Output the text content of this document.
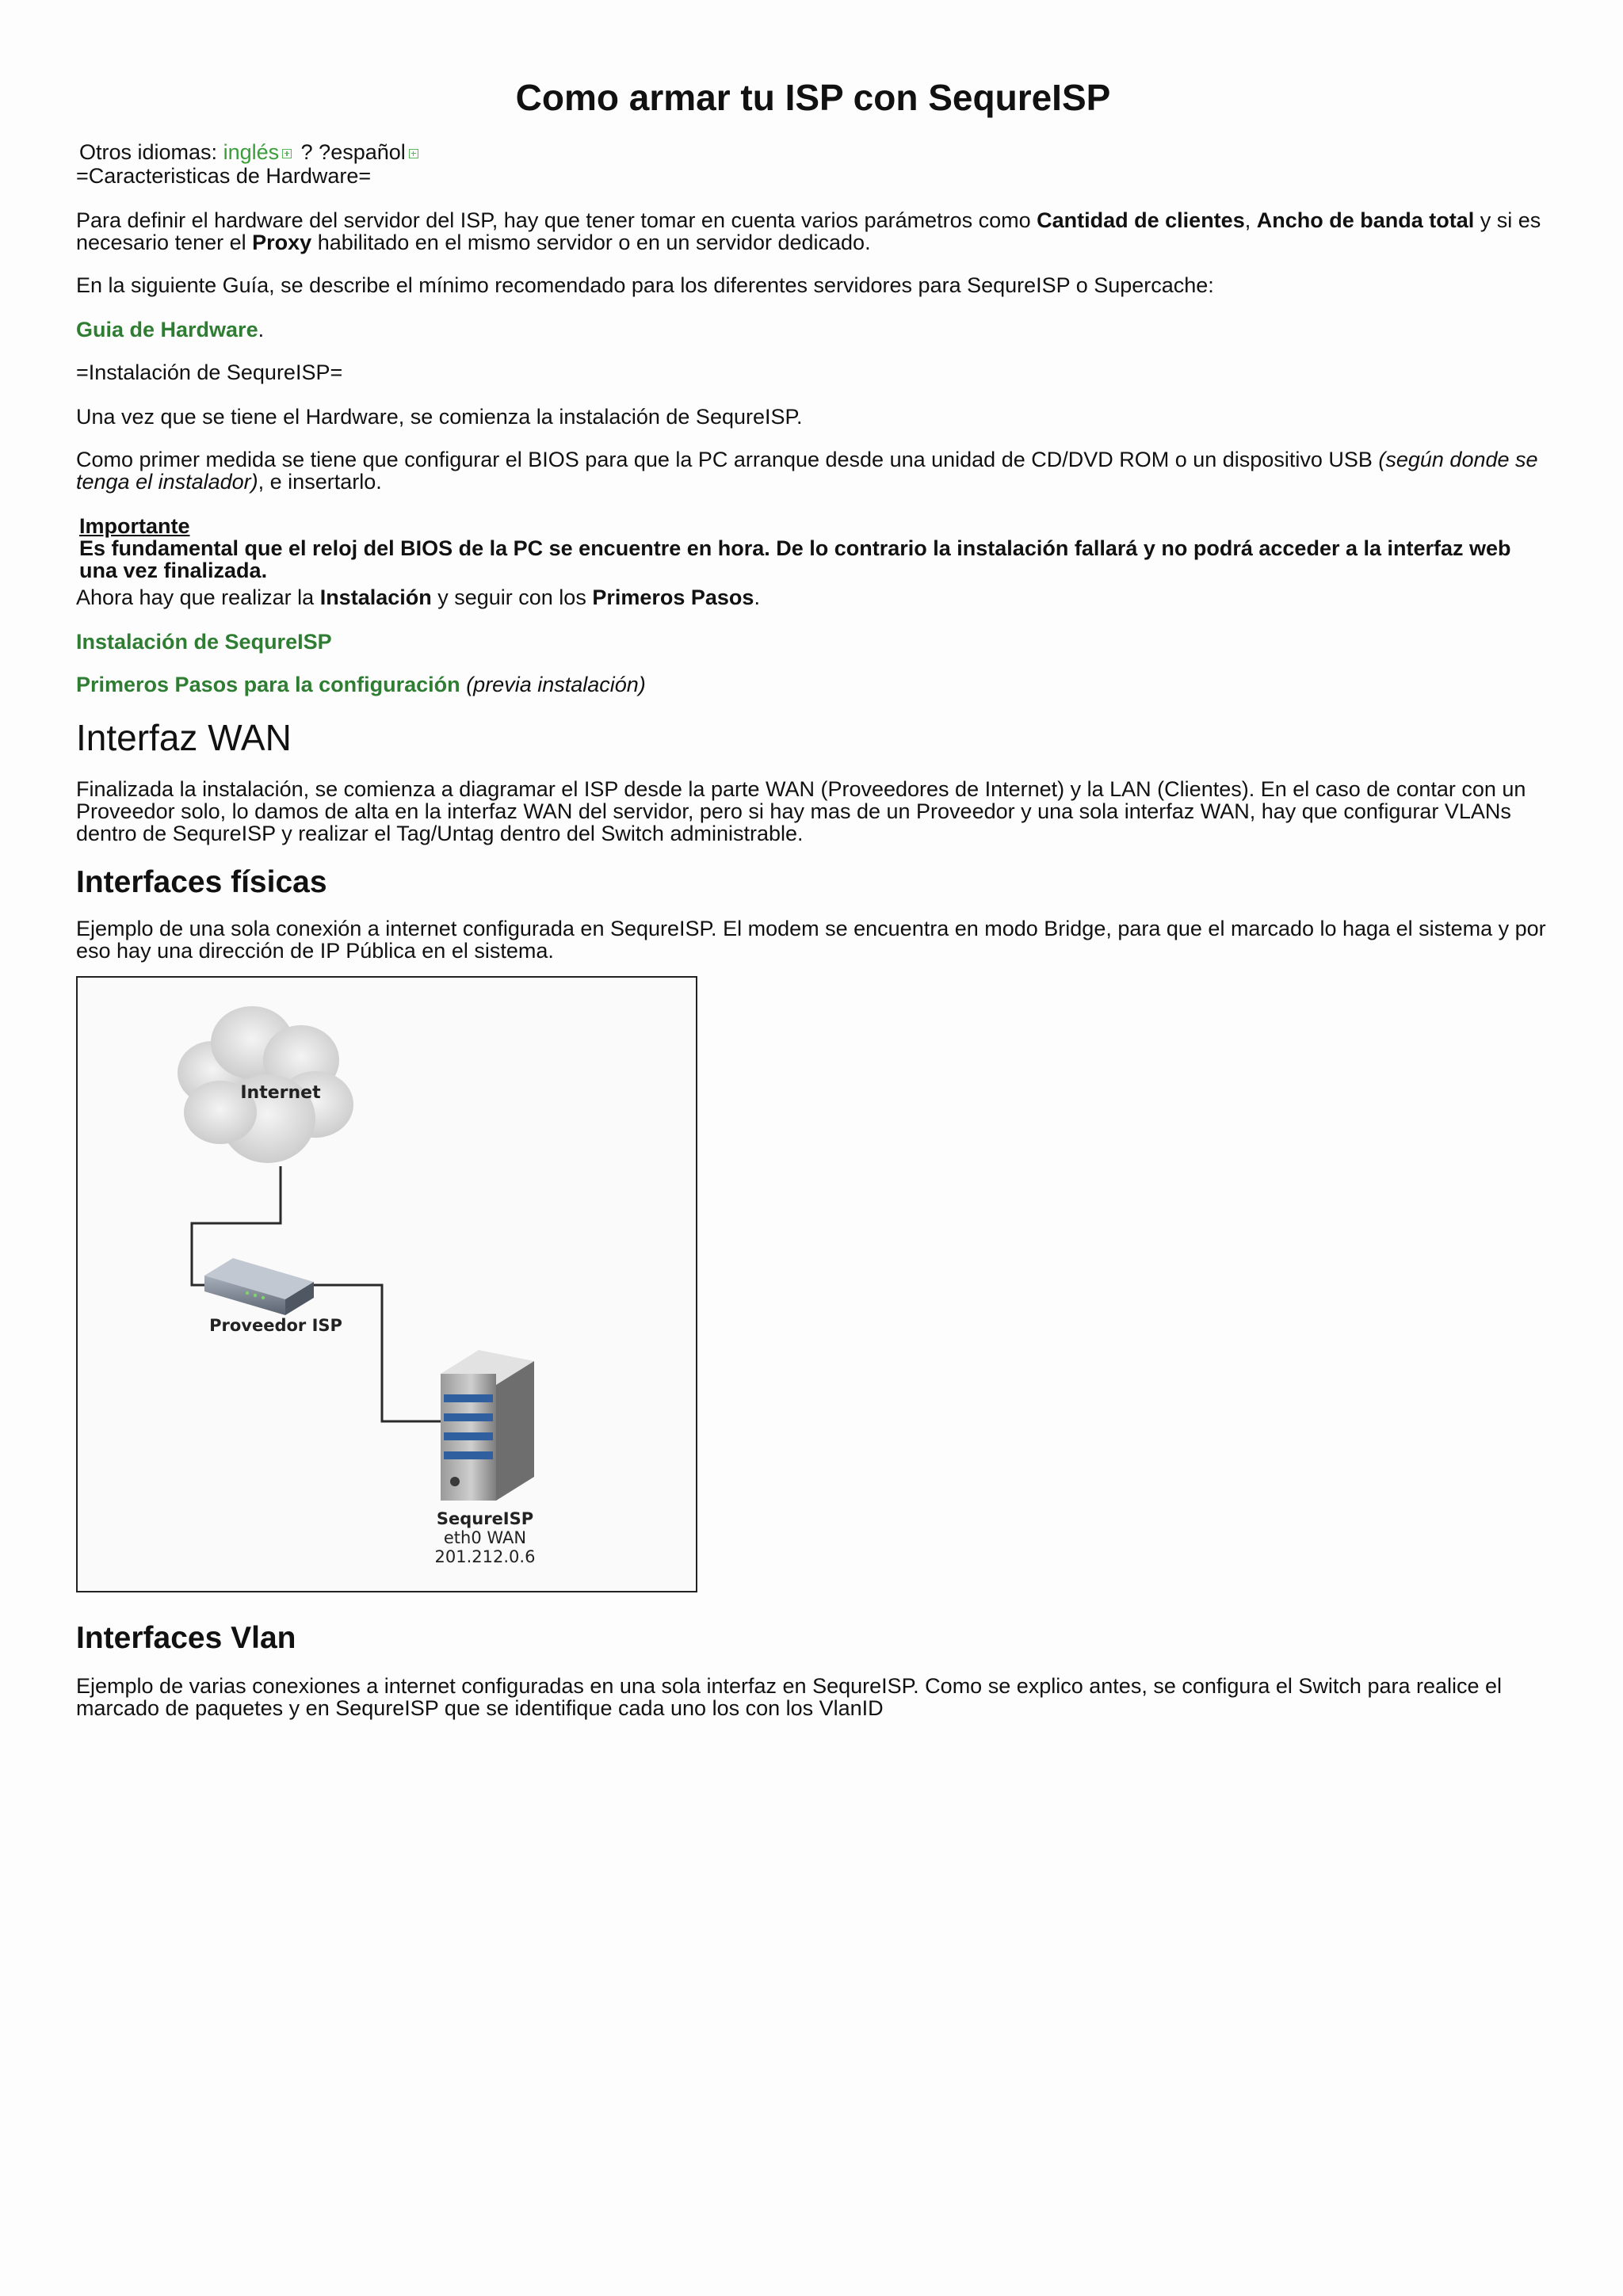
Como armar tu ISP con SequreISP
Otros idiomas: inglés ? ?español

=Caracteristicas de Hardware=

Para definir el hardware del servidor del ISP, hay que tener tomar en cuenta varios parámetros como Cantidad de clientes, Ancho de banda total y si es necesario tener el Proxy habilitado en el mismo servidor o en un servidor dedicado.

En la siguiente Guía, se describe el mínimo recomendado para los diferentes servidores para SequreISP o Supercache:

Guia de Hardware.

=Instalación de SequreISP=

Una vez que se tiene el Hardware, se comienza la instalación de SequreISP.

Como primer medida se tiene que configurar el BIOS para que la PC arranque desde una unidad de CD/DVD ROM o un dispositivo USB (según donde se tenga el instalador), e insertarlo.

Importante
Es fundamental que el reloj del BIOS de la PC se encuentre en hora. De lo contrario la instalación fallará y no podrá acceder a la interfaz web una vez finalizada.

Ahora hay que realizar la Instalación y seguir con los Primeros Pasos.

Instalación de SequreISP

Primeros Pasos para la configuración (previa instalación)

Interfaz WAN

Finalizada la instalación, se comienza a diagramar el ISP desde la parte WAN (Proveedores de Internet) y la LAN (Clientes). En el caso de contar con un Proveedor solo, lo damos de alta en la interfaz WAN del servidor, pero si hay mas de un Proveedor y una sola interfaz WAN, hay que configurar VLANs dentro de SequreISP y realizar el Tag/Untag dentro del Switch administrable.

Interfaces físicas

Ejemplo de una sola conexión a internet configurada en SequreISP. El modem se encuentra en modo Bridge, para que el marcado lo haga el sistema y por eso hay una dirección de IP Pública en el sistema.

Internet
Proveedor ISP
SequreISP
eth0 WAN
201.212.0.6
Interfaces Vlan

Ejemplo de varias conexiones a internet configuradas en una sola interfaz en SequreISP. Como se explico antes, se configura el Switch para realice el marcado de paquetes y en SequreISP que se identifique cada uno los con los VlanID
